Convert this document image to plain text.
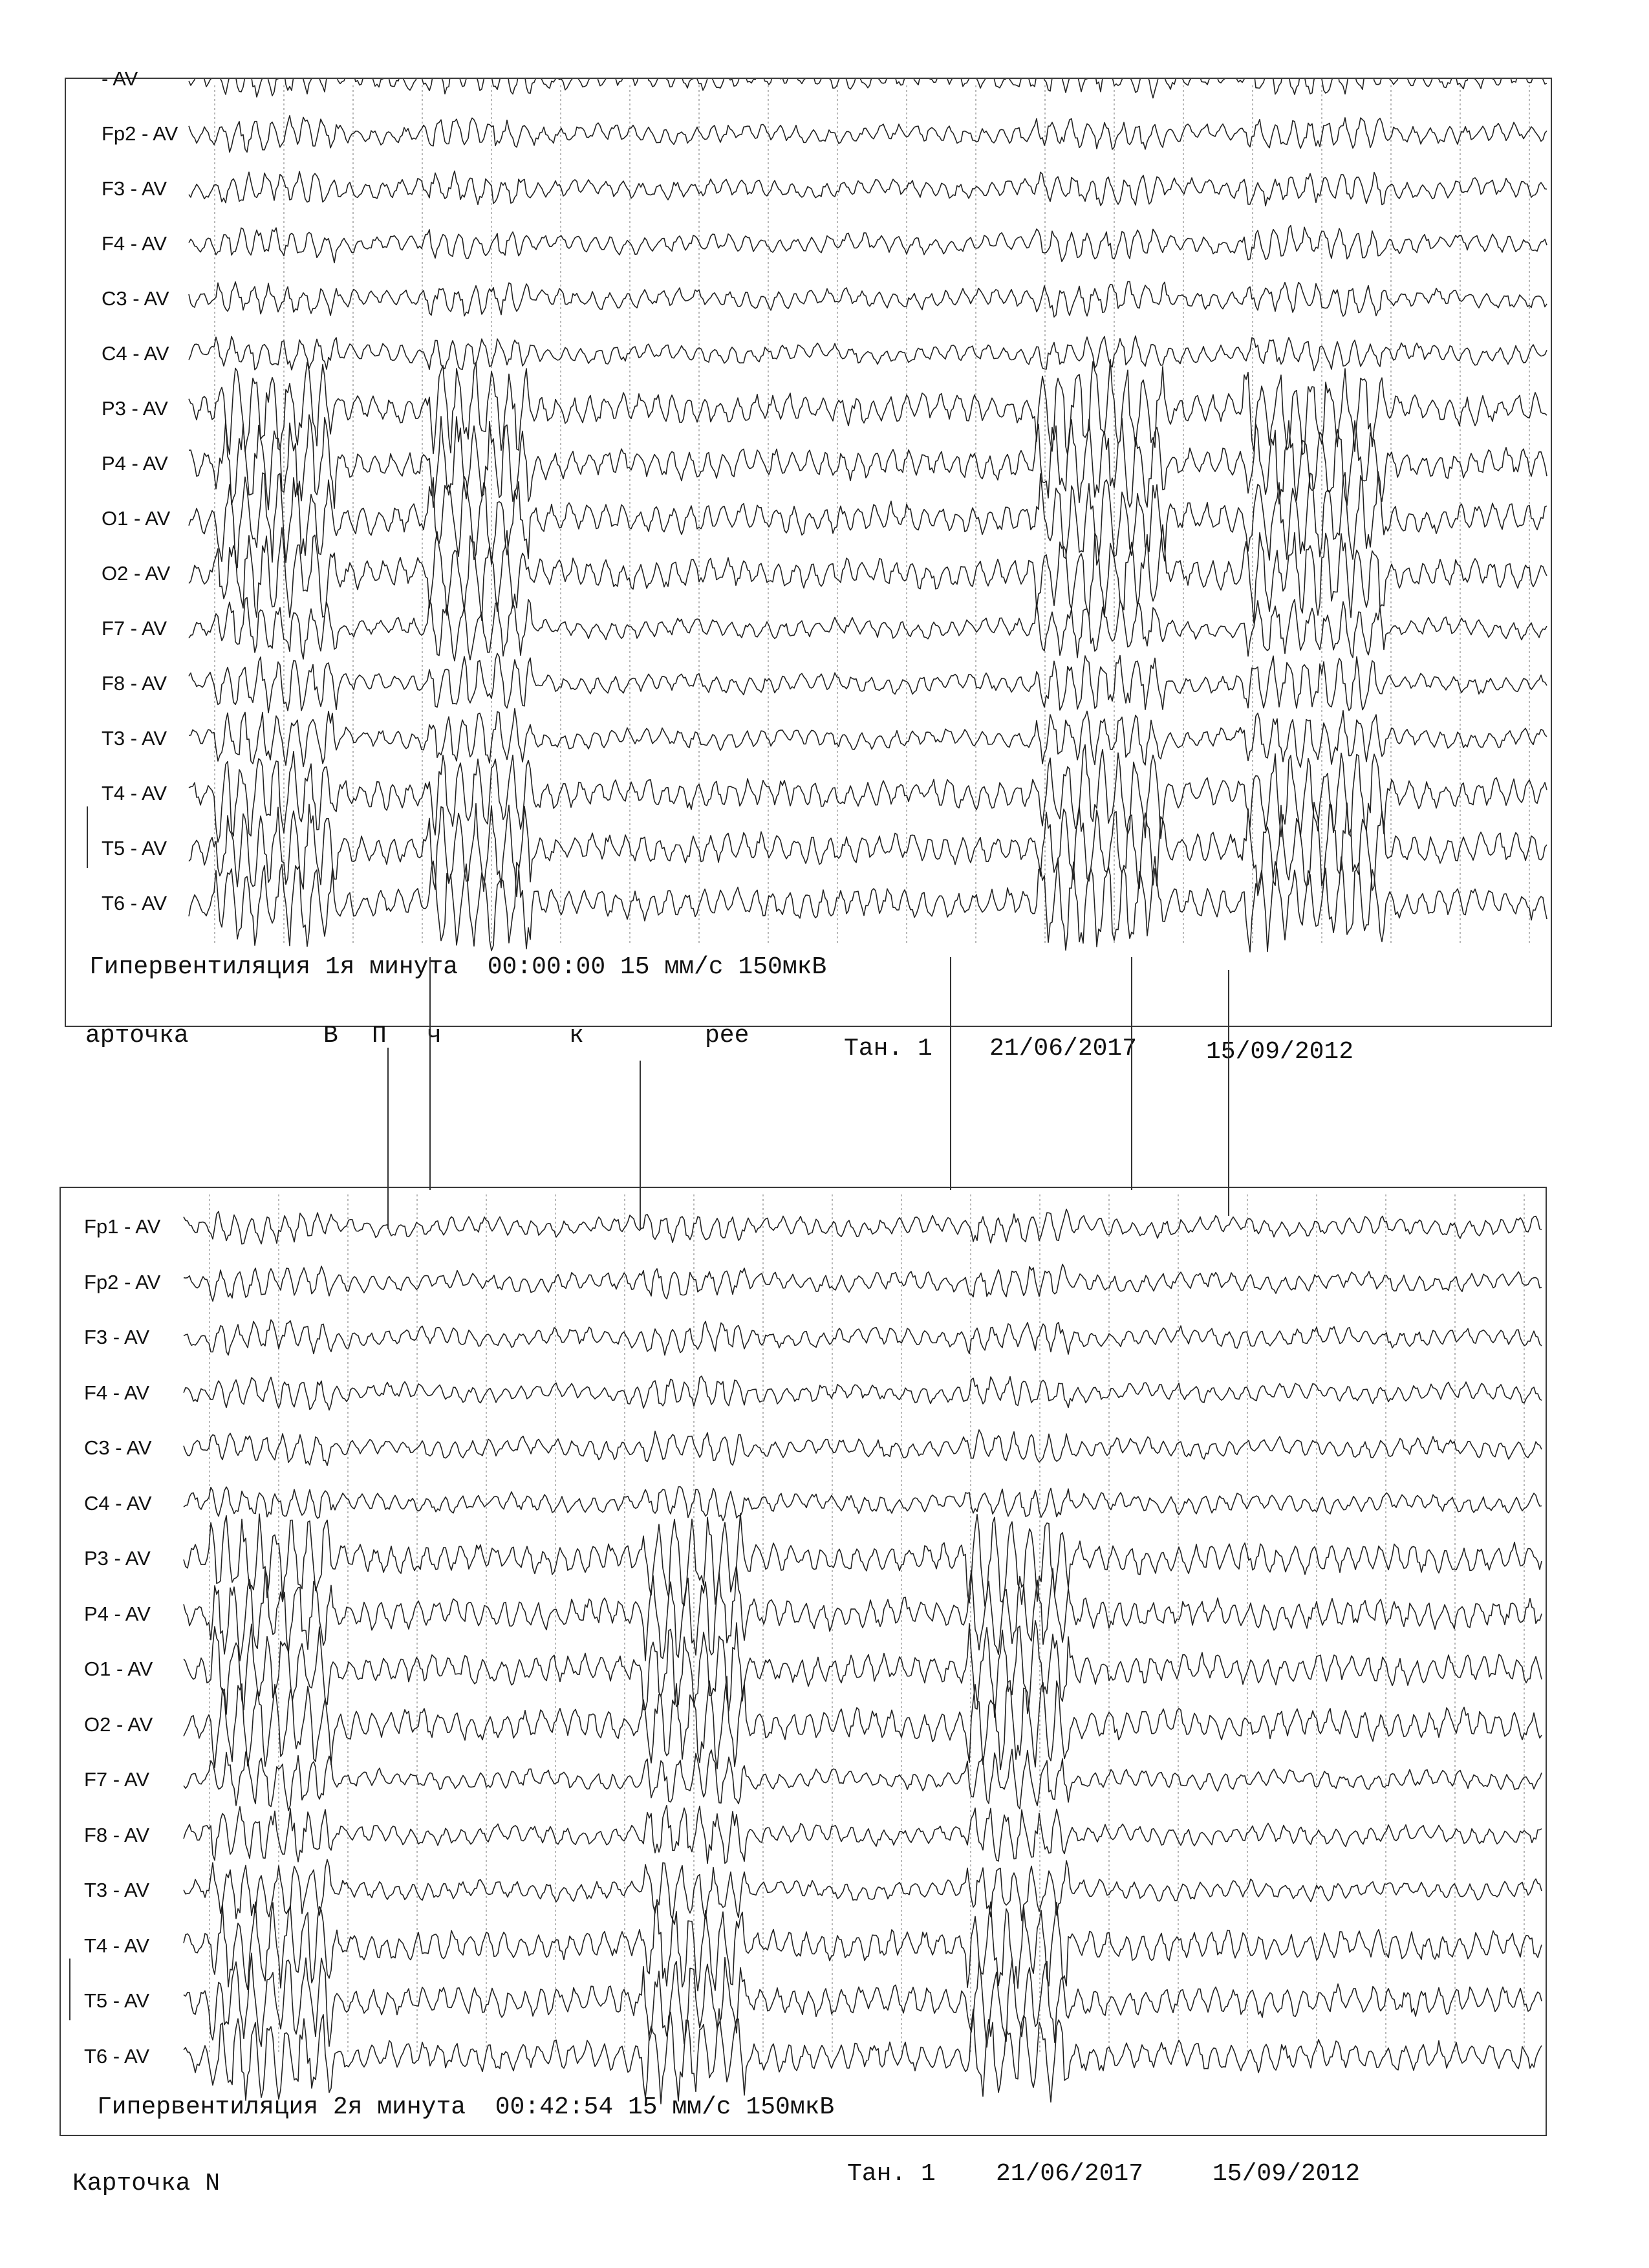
- AV
Fp2 - AV
F3 - AV
F4 - AV
C3 - AV
C4 - AV
P3 - AV
P4 - AV
O1 - AV
O2 - AV
F7 - AV
F8 - AV
T3 - AV
T4 - AV
T5 - AV
T6 - AV
Гипервентиляция 1я минута 00:00:00 15 мм/с 150мкВ
арточка	В П ч	к	рее	Тан. 1 21/06/2017	15/09/2012
Fp1 - AV
Fp2 - AV
F3 - AV
F4 - AV
C3 - AV
C4 - AV
P3 - AV
P4 - AV
O1 - AV
O2 - AV
F7 - AV
F8 - AV
T3 - AV
T4 - AV
T5 - AV
T6 - AV
Гипервентиляция 2я минута 00:42:54 15 мм/с 150мкВ
Карточка N	Тан. 1 21/06/2017	15/09/2012
